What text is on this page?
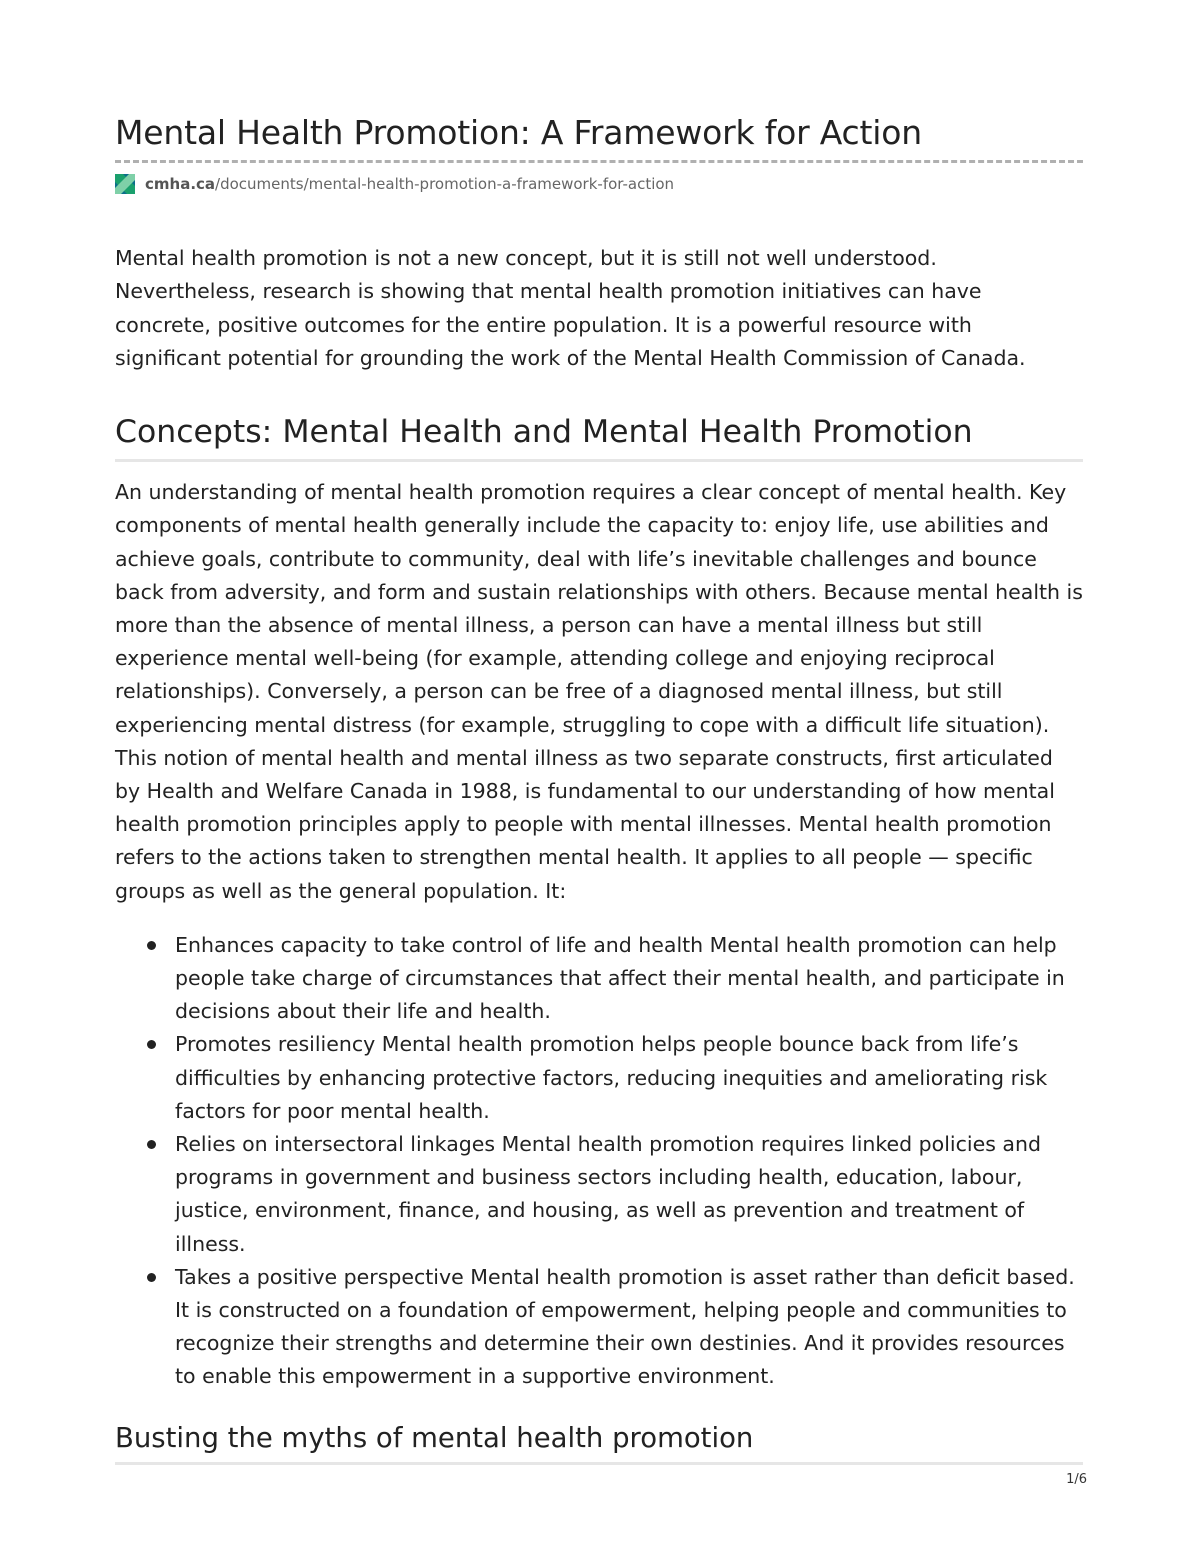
Mental Health Promotion: A Framework for Action
cmha.ca /documents/mental-health-promotion-a-framework-for-action

Mental health promotion is not a new concept, but it is still not well understood. Nevertheless, research is showing that mental health promotion initiatives can have concrete, positive outcomes for the entire population. It is a powerful resource with significant potential for grounding the work of the Mental Health Commission of Canada.

Concepts: Mental Health and Mental Health Promotion

An understanding of mental health promotion requires a clear concept of mental health. Key components of mental health generally include the capacity to: enjoy life, use abilities and achieve goals, contribute to community, deal with life’s inevitable challenges and bounce back from adversity, and form and sustain relationships with others. Because mental health is more than the absence of mental illness, a person can have a mental illness but still experience mental well-being (for example, attending college and enjoying reciprocal relationships). Conversely, a person can be free of a diagnosed mental illness, but still experiencing mental distress (for example, struggling to cope with a difficult life situation). This notion of mental health and mental illness as two separate constructs, first articulated by Health and Welfare Canada in 1988, is fundamental to our understanding of how mental health promotion principles apply to people with mental illnesses. Mental health promotion refers to the actions taken to strengthen mental health. It applies to all people — specific groups as well as the general population. It:

Enhances capacity to take control of life and health Mental health promotion can help people take charge of circumstances that affect their mental health, and participate in decisions about their life and health.
Promotes resiliency Mental health promotion helps people bounce back from life’s difficulties by enhancing protective factors, reducing inequities and ameliorating risk factors for poor mental health.
Relies on intersectoral linkages Mental health promotion requires linked policies and programs in government and business sectors including health, education, labour, justice, environment, finance, and housing, as well as prevention and treatment of illness.
Takes a positive perspective Mental health promotion is asset rather than deficit based. It is constructed on a foundation of empowerment, helping people and communities to recognize their strengths and determine their own destinies. And it provides resources to enable this empowerment in a supportive environment.
Busting the myths of mental health promotion
1/6
